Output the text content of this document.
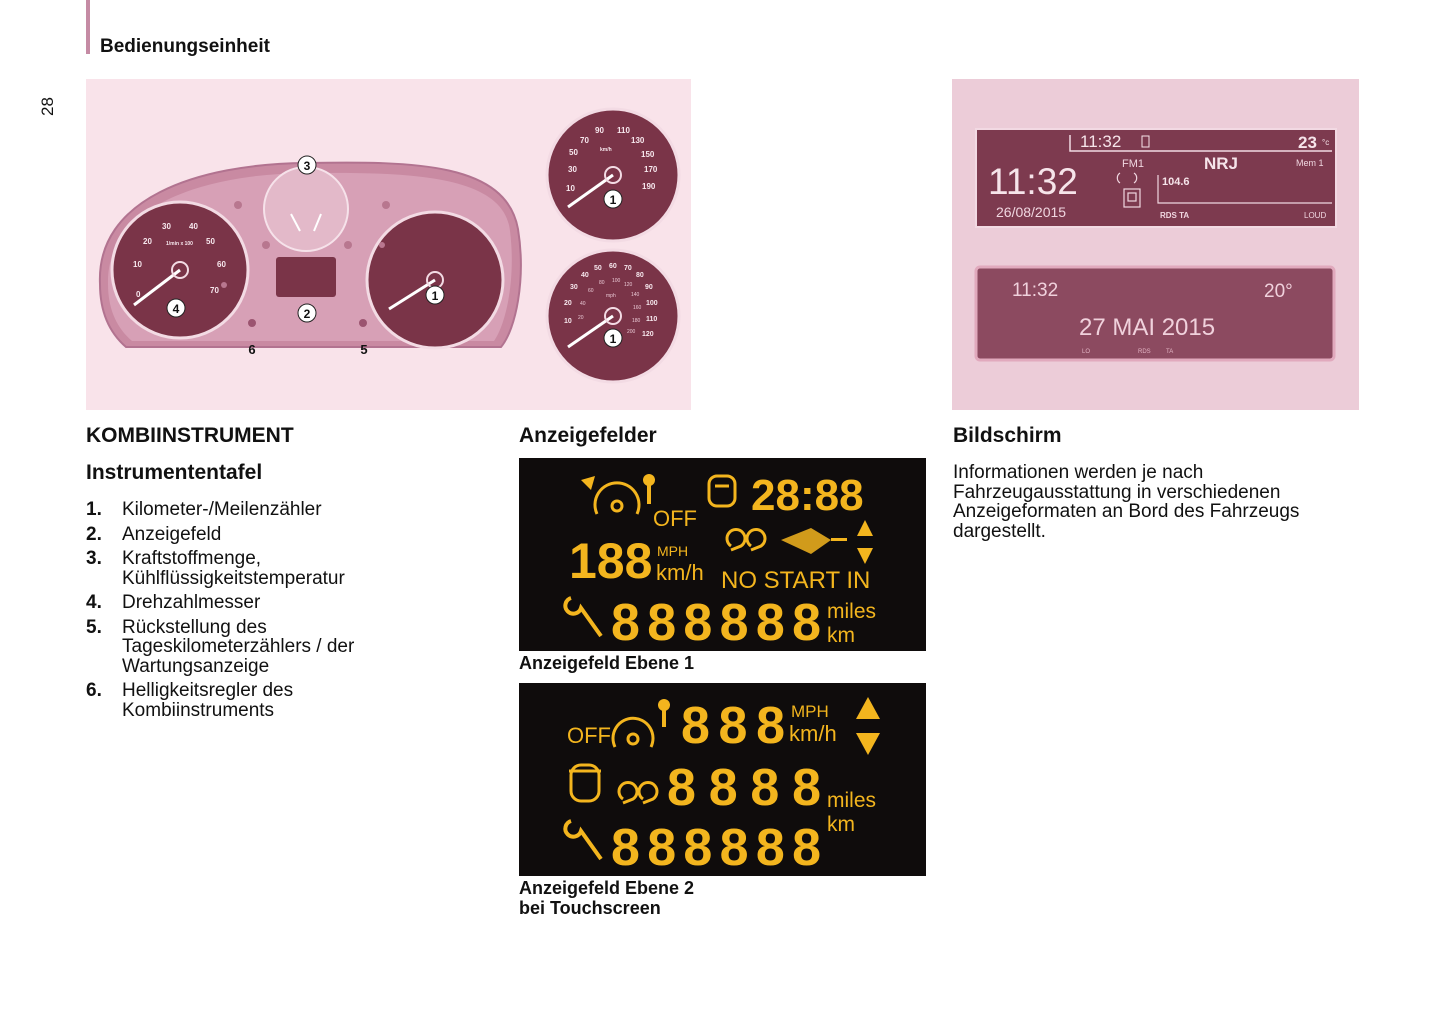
Bedienungseinheit
28
0
10
20
30 40
50
60
70
1/min x 100
1
2
3
4
5
6
10
30
50
70
90 110
130
150
170
190
km/h
1
10
20
30
40
50 60 70
80
90
100
110
120
20
40
60
80 100
120
140
160
180
200
mph
1
11:32	23 °c
11:32
26/08/2015
FM1	NRJ	Mem 1
104.6
RDS TA	LOUD
11:32	20°
27 MAI 2015
LO	RDS	TA
KOMBIINSTRUMENT
Instrumententafel
1.	Kilometer-/Meilenzähler
2.	Anzeigefeld
3.	Kraftstoffmenge,
Kühlflüssigkeitstemperatur
4.	Drehzahlmesser
5.	Rückstellung des
Tageskilometerzählers / der
Wartungsanzeige
6.	Helligkeitsregler des
Kombiinstruments
Anzeigefelder
OFF 28:88
188 MPH
km/h NO START IN
888888 miles
km
Anzeigefeld Ebene 1
OFF 888 MPH
km/h
8888 miles
km
888888
Anzeigefeld Ebene 2
bei Touchscreen
Bildschirm
Informationen werden je nach Fahrzeugausstattung in verschiedenen Anzeigeformaten an Bord des Fahrzeugs dargestellt.
